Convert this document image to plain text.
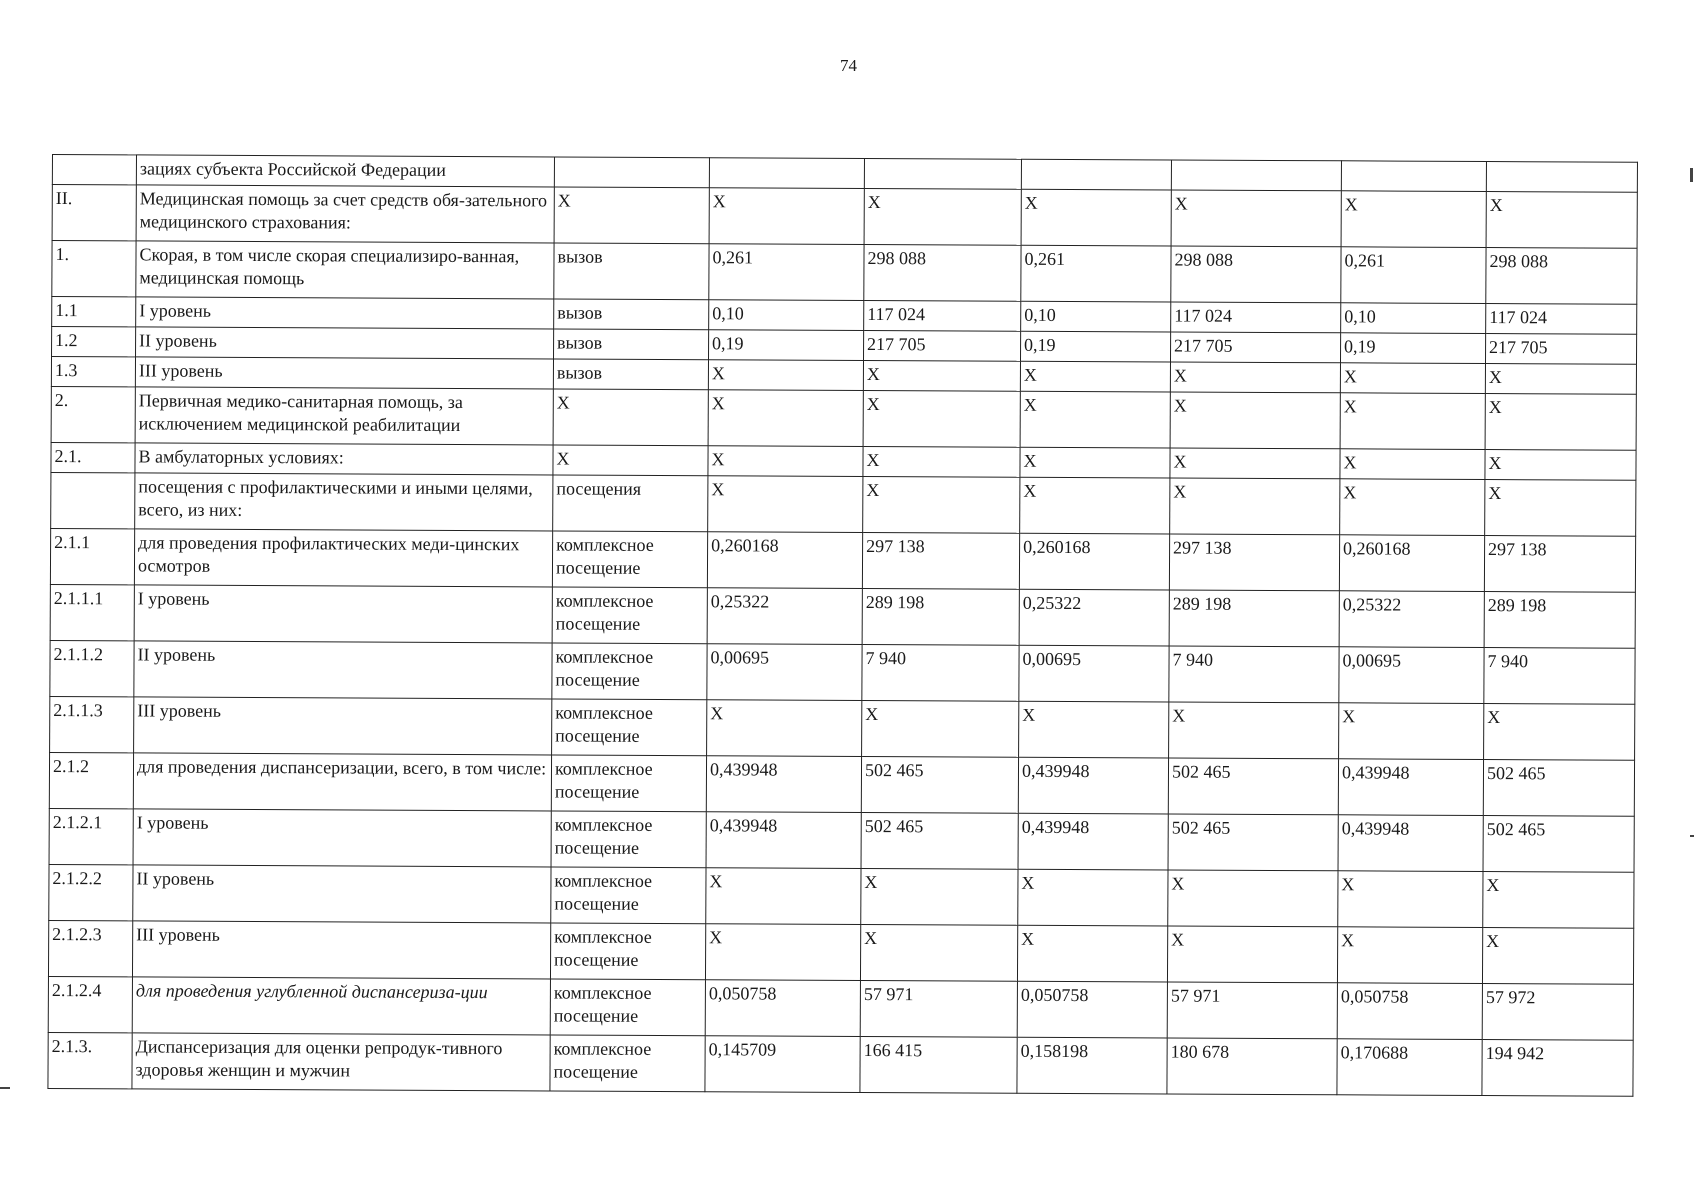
74
	зациях субъекта Российской Федерации							
II.	Медицинская помощь за счет средств обя-зательного медицинского страхования:	Х	Х	Х	Х	Х	Х	Х
1.	Скорая, в том числе скорая специализиро-ванная, медицинская помощь	вызов	0,261	298 088	0,261	298 088	0,261	298 088
1.1	I уровень	вызов	0,10	117 024	0,10	117 024	0,10	117 024
1.2	II уровень	вызов	0,19	217 705	0,19	217 705	0,19	217 705
1.3	III уровень	вызов	Х	Х	Х	Х	Х	Х
2.	Первичная медико-санитарная помощь, за исключением медицинской реабилитации	Х	Х	Х	Х	Х	Х	Х
2.1.	В амбулаторных условиях:	Х	Х	Х	Х	Х	Х	Х
	посещения с профилактическими и иными целями, всего, из них:	посещения	Х	Х	Х	Х	Х	Х
2.1.1	для проведения профилактических меди-цинских осмотров	комплексное посещение	0,260168	297 138	0,260168	297 138	0,260168	297 138
2.1.1.1	I уровень	комплексное посещение	0,25322	289 198	0,25322	289 198	0,25322	289 198
2.1.1.2	II уровень	комплексное посещение	0,00695	7 940	0,00695	7 940	0,00695	7 940
2.1.1.3	III уровень	комплексное посещение	Х	Х	Х	Х	Х	Х
2.1.2	для проведения диспансеризации, всего, в том числе:	комплексное посещение	0,439948	502 465	0,439948	502 465	0,439948	502 465
2.1.2.1	I уровень	комплексное посещение	0,439948	502 465	0,439948	502 465	0,439948	502 465
2.1.2.2	II уровень	комплексное посещение	Х	Х	Х	Х	Х	Х
2.1.2.3	III уровень	комплексное посещение	Х	Х	Х	Х	Х	Х
2.1.2.4	для проведения углубленной диспансериза-ции	комплексное посещение	0,050758	57 971	0,050758	57 971	0,050758	57 972
2.1.3.	Диспансеризация для оценки репродук-тивного здоровья женщин и мужчин	комплексное посещение	0,145709	166 415	0,158198	180 678	0,170688	194 942
